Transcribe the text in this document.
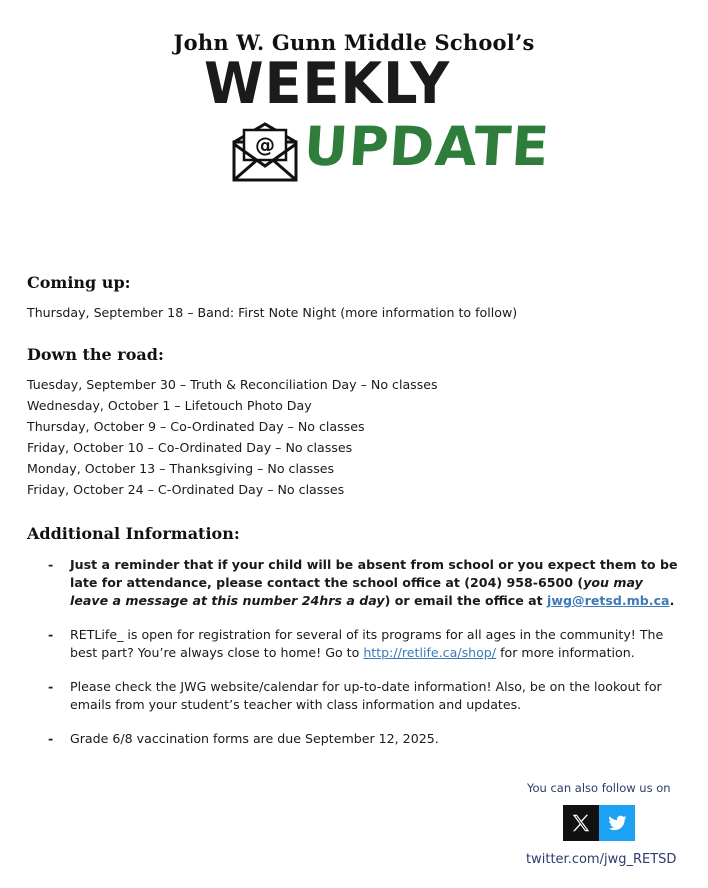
John W. Gunn Middle School’s
WEEKLY
@ UPDATE
Coming up:
Thursday, September 18 – Band: First Note Night (more information to follow)
Down the road:
Tuesday, September 30 – Truth & Reconciliation Day – No classes
Wednesday, October 1 – Lifetouch Photo Day
Thursday, October 9 – Co-Ordinated Day – No classes
Friday, October 10 – Co-Ordinated Day – No classes
Monday, October 13 – Thanksgiving – No classes
Friday, October 24 – C-Ordinated Day – No classes
Additional Information:
- Just a reminder that if your child will be absent from school or you expect them to be late for attendance, please contact the school office at (204) 958-6500 (you may leave a message at this number 24hrs a day) or email the office at jwg@retsd.mb.ca.
- RETLife_ is open for registration for several of its programs for all ages in the community! The best part? You’re always close to home! Go to http://retlife.ca/shop/ for more information.
- Please check the JWG website/calendar for up-to-date information! Also, be on the lookout for emails from your student’s teacher with class information and updates.
- Grade 6/8 vaccination forms are due September 12, 2025.
You can also follow us on
twitter.com/jwg_RETSD
